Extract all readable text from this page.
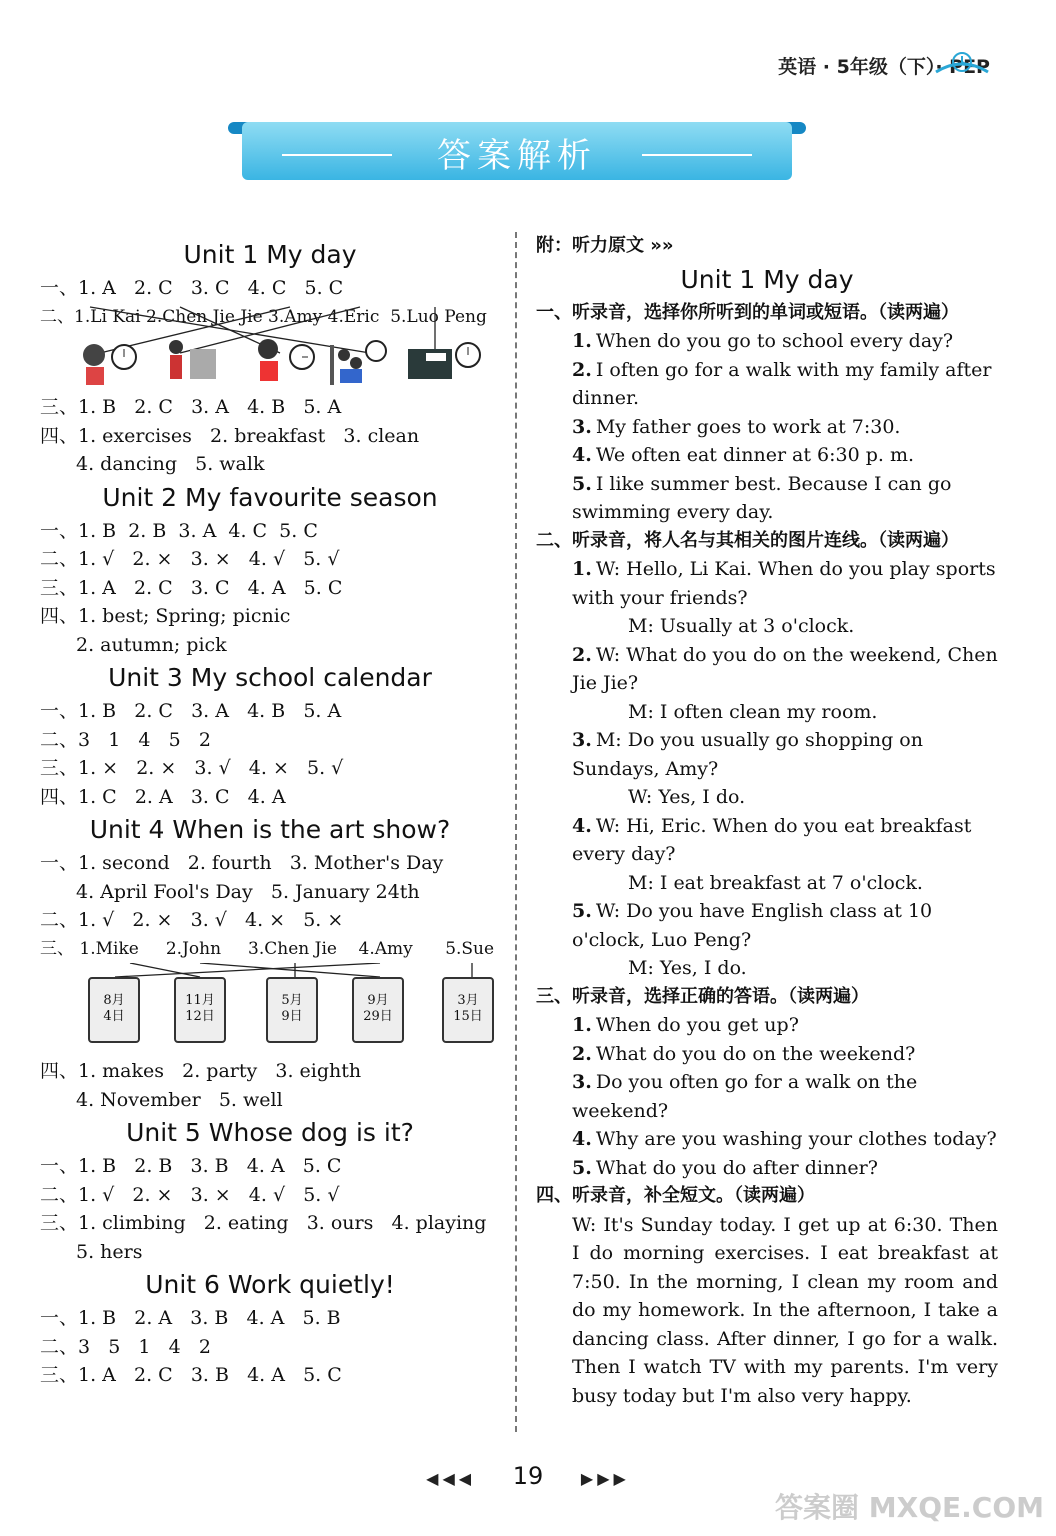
英语 · 5年级（下）· PEP
答案解析

Unit 1 My day

一、1. A   2. C   3. C   4. C   5. C

二、1.Li Kai 2.Chen Jie Jie 3.Amy 4.Eric  5.Luo Peng

三、1. B   2. C   3. A   4. B   5. A

四、1. exercises   2. breakfast   3. clean

4. dancing   5. walk

Unit 2 My favourite season

一、1. B  2. B  3. A  4. C  5. C

二、1. √   2. ×   3. ×   4. √   5. √

三、1. A   2. C   3. C   4. A   5. C

四、1. best; Spring; picnic

2. autumn; pick

Unit 3 My school calendar

一、1. B   2. C   3. A   4. B   5. A

二、3   1   4   5   2

三、1. ×   2. ×   3. √   4. ×   5. √

四、1. C   2. A   3. C   4. A

Unit 4 When is the art show?

一、1. second   2. fourth   3. Mother's Day

4. April Fool's Day   5. January 24th

二、1. √   2. ×   3. √   4. ×   5. ×

三、 1.Mike     2.John     3.Chen Jie    4.Amy      5.Sue

8月
4日
11月
12日
5月
9日
9月
29日
3月
15日

四、1. makes   2. party   3. eighth

4. November   5. well

Unit 5 Whose dog is it?

一、1. B   2. B   3. B   4. A   5. C

二、1. √   2. ×   3. ×   4. √   5. √

三、1. climbing   2. eating   3. ours   4. playing

5. hers

Unit 6 Work quietly!

一、1. B   2. A   3. B   4. A   5. B

二、3   5   1   4   2

三、1. A   2. C   3. B   4. A   5. C

附：听力原文 »»

Unit 1 My day

一、听录音，选择你所听到的单词或短语。（读两遍）

1. When do you go to school every day?
2. I often go for a walk with my family after dinner.
3. My father goes to work at 7:30.
4. We often eat dinner at 6:30 p. m.
5. I like summer best. Because I can go swimming every day.

二、听录音，将人名与其相关的图片连线。（读两遍）

1. W: Hello, Li Kai. When do you play sports with your friends?
M: Usually at 3 o'clock.
2. W: What do you do on the weekend, Chen Jie Jie?
M: I often clean my room.
3. M: Do you usually go shopping on Sundays, Amy?
W: Yes, I do.
4. W: Hi, Eric. When do you eat breakfast every day?
M: I eat breakfast at 7 o'clock.
5. W: Do you have English class at 10 o'clock, Luo Peng?
M: Yes, I do.

三、听录音，选择正确的答语。（读两遍）

1. When do you get up?
2. What do you do on the weekend?
3. Do you often go for a walk on the weekend?
4. Why are you washing your clothes today?
5. What do you do after dinner?

四、听录音，补全短文。（读两遍）

W: It's Sunday today. I get up at 6:30. Then I do morning exercises. I eat breakfast at 7:50. In the morning, I clean my room and do my homework. In the afternoon, I take a dancing class. After dinner, I go for a walk. Then I watch TV with my parents. I'm very busy today but I'm also very happy.

◀◀◀ 19 ▶▶▶
答案圈 MXQE.COM
